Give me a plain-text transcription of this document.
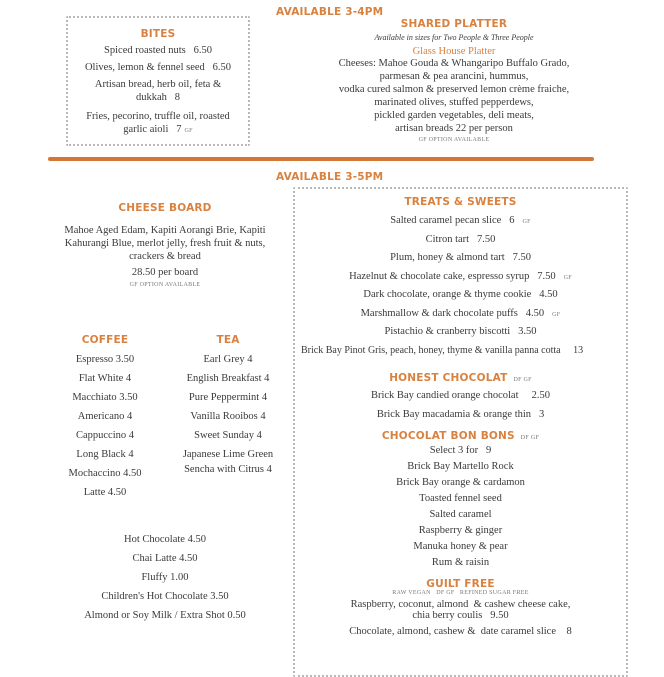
AVAILABLE 3-4PM
BITES
Spiced roasted nuts 6.50
Olives, lemon & fennel seed 6.50
Artisan bread, herb oil, feta &
dukkah 8
Fries, pecorino, truffle oil, roasted
garlic aioli 7 GF
SHARED PLATTER
Available in sizes for Two People & Three People
Glass House Platter
Cheeses: Mahoe Gouda & Whangaripo Buffalo Grado,
parmesan & pea arancini, hummus,
vodka cured salmon & preserved lemon crème fraiche,
marinated olives, stuffed pepperdews,
pickled garden vegetables, deli meats,
artisan breads 22 per person
GF OPTION AVAILABLE
AVAILABLE 3-5PM
CHEESE BOARD
Mahoe Aged Edam, Kapiti Aorangi Brie, Kapiti
Kahurangi Blue, merlot jelly, fresh fruit & nuts,
crackers & bread
28.50 per board
GF OPTION AVAILABLE
COFFEE
Espresso 3.50
Flat White 4
Macchiato 3.50
Americano 4
Cappuccino 4
Long Black 4
Mochaccino 4.50
Latte 4.50
TEA
Earl Grey 4
English Breakfast 4
Pure Peppermint 4
Vanilla Rooibos 4
Sweet Sunday 4
Japanese Lime Green
Sencha with Citrus 4
Hot Chocolate 4.50
Chai Latte 4.50
Fluffy 1.00
Children's Hot Chocolate 3.50
Almond or Soy Milk / Extra Shot 0.50
TREATS & SWEETS
Salted caramel pecan slice 6 GF
Citron tart 7.50
Plum, honey & almond tart 7.50
Hazelnut & chocolate cake, espresso syrup 7.50 GF
Dark chocolate, orange & thyme cookie 4.50
Marshmallow & dark chocolate puffs 4.50 GF
Pistachio & cranberry biscotti 3.50
Brick Bay Pinot Gris, peach, honey, thyme & vanilla panna cotta 13
HONEST CHOCOLAT DF GF
Brick Bay candied orange chocolat 2.50
Brick Bay macadamia & orange thin 3
CHOCOLAT BON BONS DF GF
Select 3 for   9
Brick Bay Martello Rock
Brick Bay orange & cardamon
Toasted fennel seed
Salted caramel
Raspberry & ginger
Manuka honey & pear
Rum & raisin
GUILT FREE
RAW VEGAN   DF GF   REFINED SUGAR FREE
Raspberry, coconut, almond  & cashew cheese cake,
chia berry coulis 9.50
Chocolate, almond, cashew &  date caramel slice 8
